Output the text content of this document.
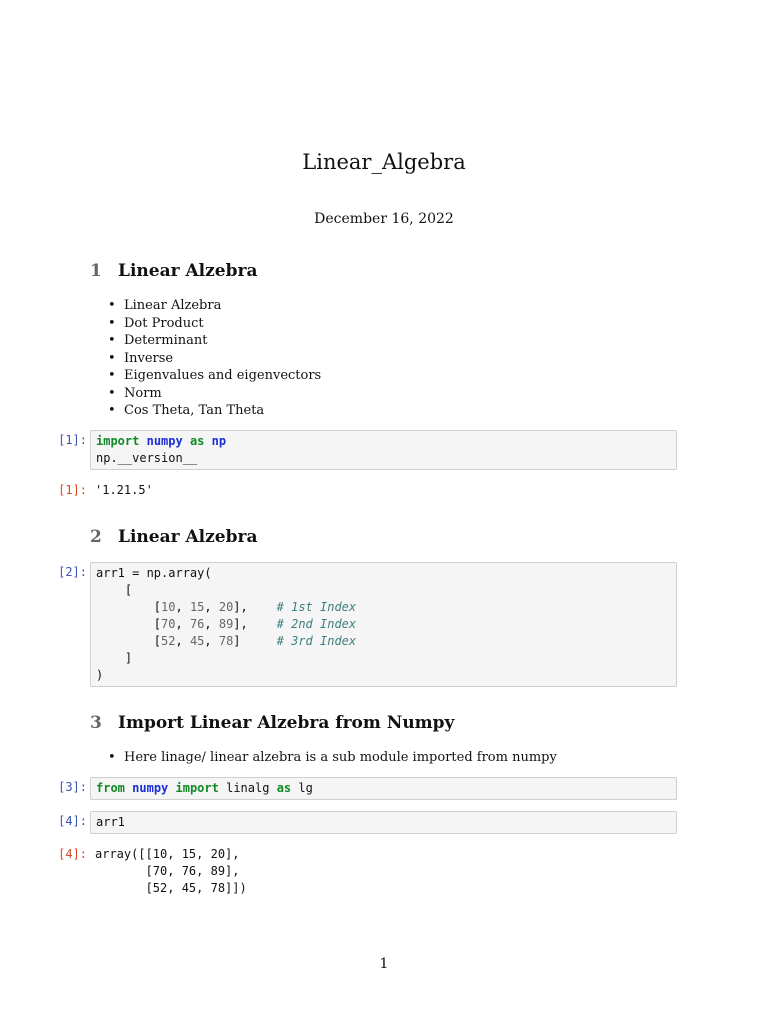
Linear_Algebra
December 16, 2022
1 Linear Alzebra
• Linear Alzebra
• Dot Product
• Determinant
• Inverse
• Eigenvalues and eigenvectors
• Norm
• Cos Theta, Tan Theta
[1]: import numpy as np
np.__version__
[1]: '1.21.5'
2 Linear Alzebra
[2]: arr1 = np.array(
[
[10, 15, 20], # 1st Index
[70, 76, 89], # 2nd Index
[52, 45, 78]	# 3rd Index
]
)
3 Import Linear Alzebra from Numpy
• Here linage/ linear alzebra is a sub module imported from numpy
[3]: from numpy import linalg as lg
[4]: arr1
[4]: array([[10, 15, 20],
[70, 76, 89],
[52, 45, 78]])
1
